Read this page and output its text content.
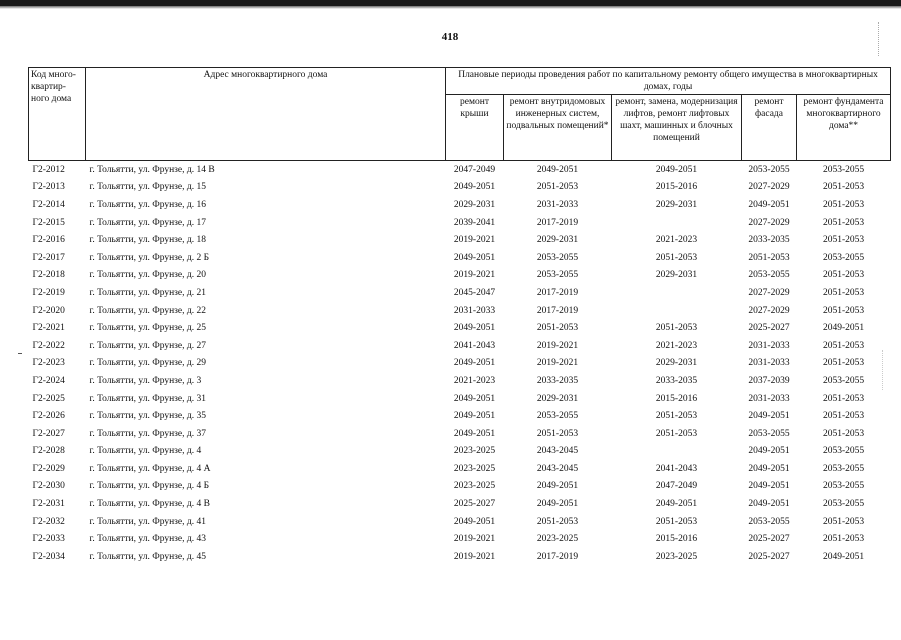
418
Код много-квартир-ного дома	Адрес многоквартирного дома	Плановые периоды проведения работ по капитальному ремонту общего имущества в многоквартирных домах, годы				
		ремонт крыши	ремонт внутридомовых инженерных систем, подвальных помещений*	ремонт, замена, модернизация лифтов, ремонт лифтовых шахт, машинных и блочных помещений	ремонт фасада	ремонт фундамента многоквартирного дома**
Г2-2012	г. Тольятти, ул. Фрунзе, д. 14 В	2047-2049	2049-2051	2049-2051	2053-2055	2053-2055
Г2-2013	г. Тольятти, ул. Фрунзе, д. 15	2049-2051	2051-2053	2015-2016	2027-2029	2051-2053
Г2-2014	г. Тольятти, ул. Фрунзе, д. 16	2029-2031	2031-2033	2029-2031	2049-2051	2051-2053
Г2-2015	г. Тольятти, ул. Фрунзе, д. 17	2039-2041	2017-2019		2027-2029	2051-2053
Г2-2016	г. Тольятти, ул. Фрунзе, д. 18	2019-2021	2029-2031	2021-2023	2033-2035	2051-2053
Г2-2017	г. Тольятти, ул. Фрунзе, д. 2 Б	2049-2051	2053-2055	2051-2053	2051-2053	2053-2055
Г2-2018	г. Тольятти, ул. Фрунзе, д. 20	2019-2021	2053-2055	2029-2031	2053-2055	2051-2053
Г2-2019	г. Тольятти, ул. Фрунзе, д. 21	2045-2047	2017-2019		2027-2029	2051-2053
Г2-2020	г. Тольятти, ул. Фрунзе, д. 22	2031-2033	2017-2019		2027-2029	2051-2053
Г2-2021	г. Тольятти, ул. Фрунзе, д. 25	2049-2051	2051-2053	2051-2053	2025-2027	2049-2051
Г2-2022	г. Тольятти, ул. Фрунзе, д. 27	2041-2043	2019-2021	2021-2023	2031-2033	2051-2053
Г2-2023	г. Тольятти, ул. Фрунзе, д. 29	2049-2051	2019-2021	2029-2031	2031-2033	2051-2053
Г2-2024	г. Тольятти, ул. Фрунзе, д. 3	2021-2023	2033-2035	2033-2035	2037-2039	2053-2055
Г2-2025	г. Тольятти, ул. Фрунзе, д. 31	2049-2051	2029-2031	2015-2016	2031-2033	2051-2053
Г2-2026	г. Тольятти, ул. Фрунзе, д. 35	2049-2051	2053-2055	2051-2053	2049-2051	2051-2053
Г2-2027	г. Тольятти, ул. Фрунзе, д. 37	2049-2051	2051-2053	2051-2053	2053-2055	2051-2053
Г2-2028	г. Тольятти, ул. Фрунзе, д. 4	2023-2025	2043-2045		2049-2051	2053-2055
Г2-2029	г. Тольятти, ул. Фрунзе, д. 4 А	2023-2025	2043-2045	2041-2043	2049-2051	2053-2055
Г2-2030	г. Тольятти, ул. Фрунзе, д. 4 Б	2023-2025	2049-2051	2047-2049	2049-2051	2053-2055
Г2-2031	г. Тольятти, ул. Фрунзе, д. 4 В	2025-2027	2049-2051	2049-2051	2049-2051	2053-2055
Г2-2032	г. Тольятти, ул. Фрунзе, д. 41	2049-2051	2051-2053	2051-2053	2053-2055	2051-2053
Г2-2033	г. Тольятти, ул. Фрунзе, д. 43	2019-2021	2023-2025	2015-2016	2025-2027	2051-2053
Г2-2034	г. Тольятти, ул. Фрунзе, д. 45	2019-2021	2017-2019	2023-2025	2025-2027	2049-2051
